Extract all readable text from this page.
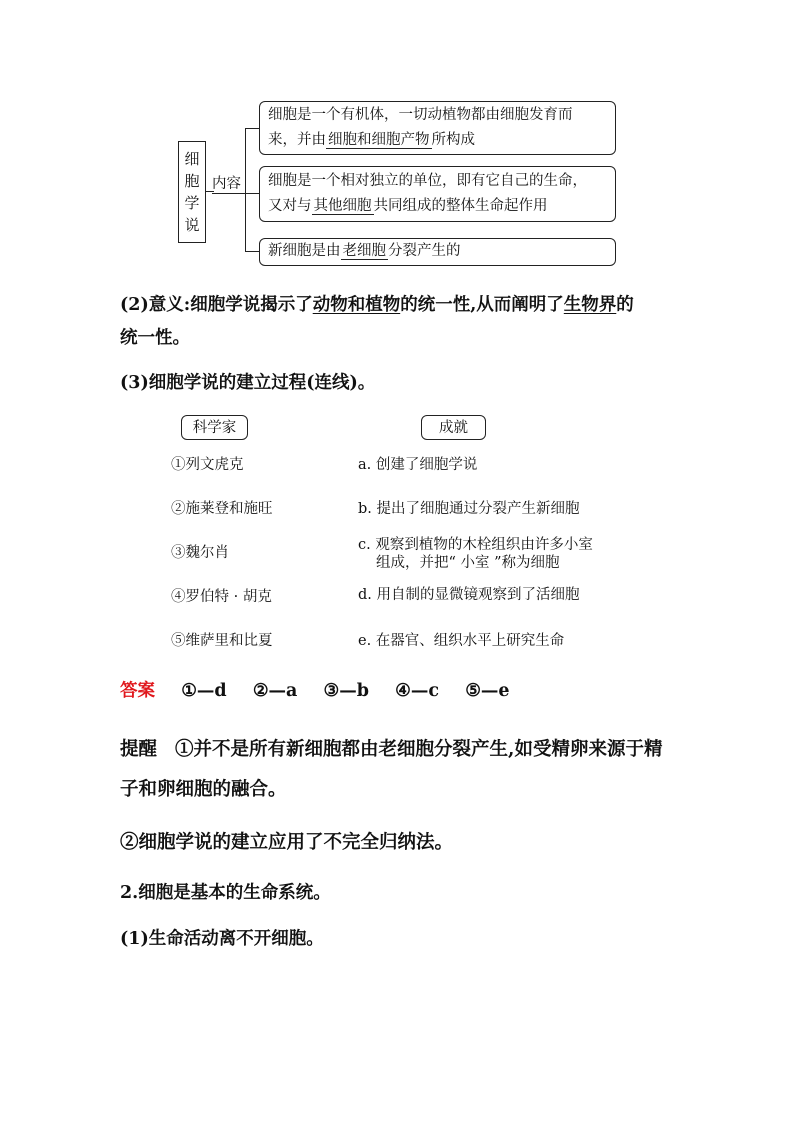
细
胞
学
说
内容
细胞是一个有机体，一切动植物都由细胞发育而
来，并由 细胞和细胞产物 所构成
细胞是一个相对独立的单位，即有它自己的生命，
又对与 其他细胞 共同组成的整体生命起作用
新细胞是由 老细胞 分裂产生的
(2)意义:细胞学说揭示了动物和植物的统一性,从而阐明了生物界的
统一性。
(3)细胞学说的建立过程(连线)。
科学家	成就
①列文虎克
②施莱登和施旺
③魏尔肖
④罗伯特 · 胡克
⑤维萨里和比夏
a. 创建了细胞学说
b. 提出了细胞通过分裂产生新细胞
c. 观察到植物的木栓组织由许多小室
组成，并把“ 小室 ”称为细胞
d. 用自制的显微镜观察到了活细胞
e. 在器官、组织水平上研究生命
答案 ①—d ②—a ③—b ④—c ⑤—e
提醒 ①并不是所有新细胞都由老细胞分裂产生,如受精卵来源于精
子和卵细胞的融合。
②细胞学说的建立应用了不完全归纳法。
2.细胞是基本的生命系统。
(1)生命活动离不开细胞。
